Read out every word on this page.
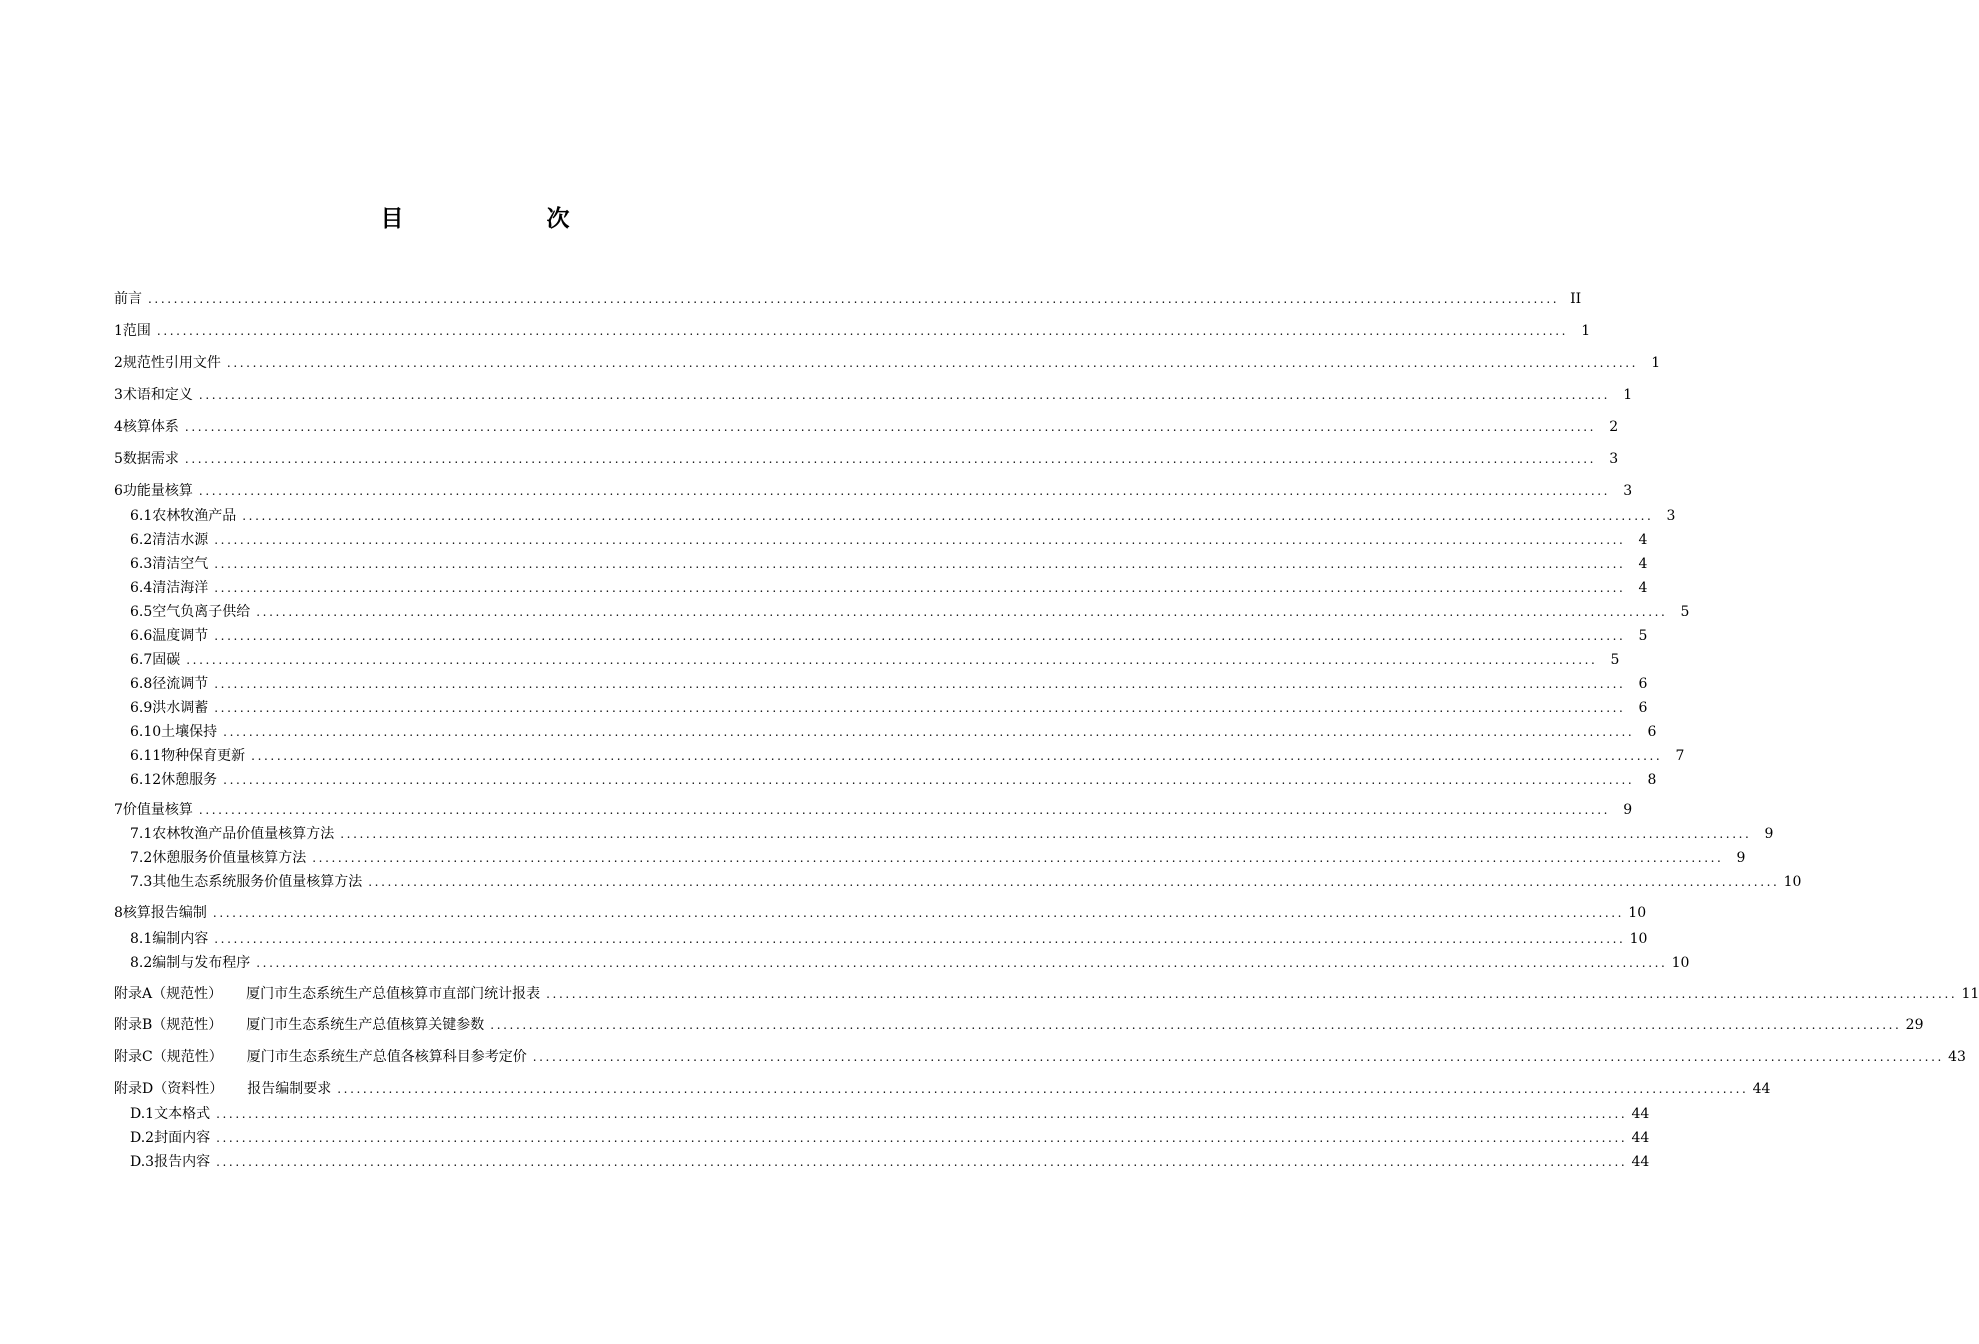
目　次
前言 ............................................................................................................................................................................................................................ II
1 范围 ............................................................................................................................................................................................................................ 1
2 规范性引用文件 ............................................................................................................................................................................................................................ 1
3 术语和定义 ............................................................................................................................................................................................................................ 1
4 核算体系 ............................................................................................................................................................................................................................ 2
5 数据需求 ............................................................................................................................................................................................................................ 3
6 功能量核算 ............................................................................................................................................................................................................................ 3
6.1 农林牧渔产品 ............................................................................................................................................................................................................................ 3
6.2 清洁水源 ............................................................................................................................................................................................................................ 4
6.3 清洁空气 ............................................................................................................................................................................................................................ 4
6.4 清洁海洋 ............................................................................................................................................................................................................................ 4
6.5 空气负离子供给 ............................................................................................................................................................................................................................ 5
6.6 温度调节 ............................................................................................................................................................................................................................ 5
6.7 固碳 ............................................................................................................................................................................................................................ 5
6.8 径流调节 ............................................................................................................................................................................................................................ 6
6.9 洪水调蓄 ............................................................................................................................................................................................................................ 6
6.10 土壤保持 ............................................................................................................................................................................................................................ 6
6.11 物种保育更新 ............................................................................................................................................................................................................................ 7
6.12 休憩服务 ............................................................................................................................................................................................................................ 8
7 价值量核算 ............................................................................................................................................................................................................................ 9
7.1 农林牧渔产品价值量核算方法 ............................................................................................................................................................................................................................ 9
7.2 休憩服务价值量核算方法 ............................................................................................................................................................................................................................ 9
7.3 其他生态系统服务价值量核算方法 ............................................................................................................................................................................................................................ 10
8 核算报告编制 ............................................................................................................................................................................................................................ 10
8.1 编制内容 ............................................................................................................................................................................................................................ 10
8.2 编制与发布程序 ............................................................................................................................................................................................................................ 10
附录A（规范性） 厦门市生态系统生产总值核算市直部门统计报表 ............................................................................................................................................................................................................................ 11
附录B（规范性） 厦门市生态系统生产总值核算关键参数 ............................................................................................................................................................................................................................ 29
附录C（规范性） 厦门市生态系统生产总值各核算科目参考定价 ............................................................................................................................................................................................................................ 43
附录D（资料性） 报告编制要求 ............................................................................................................................................................................................................................ 44
D.1 文本格式 ............................................................................................................................................................................................................................ 44
D.2 封面内容 ............................................................................................................................................................................................................................ 44
D.3 报告内容 ............................................................................................................................................................................................................................ 44
